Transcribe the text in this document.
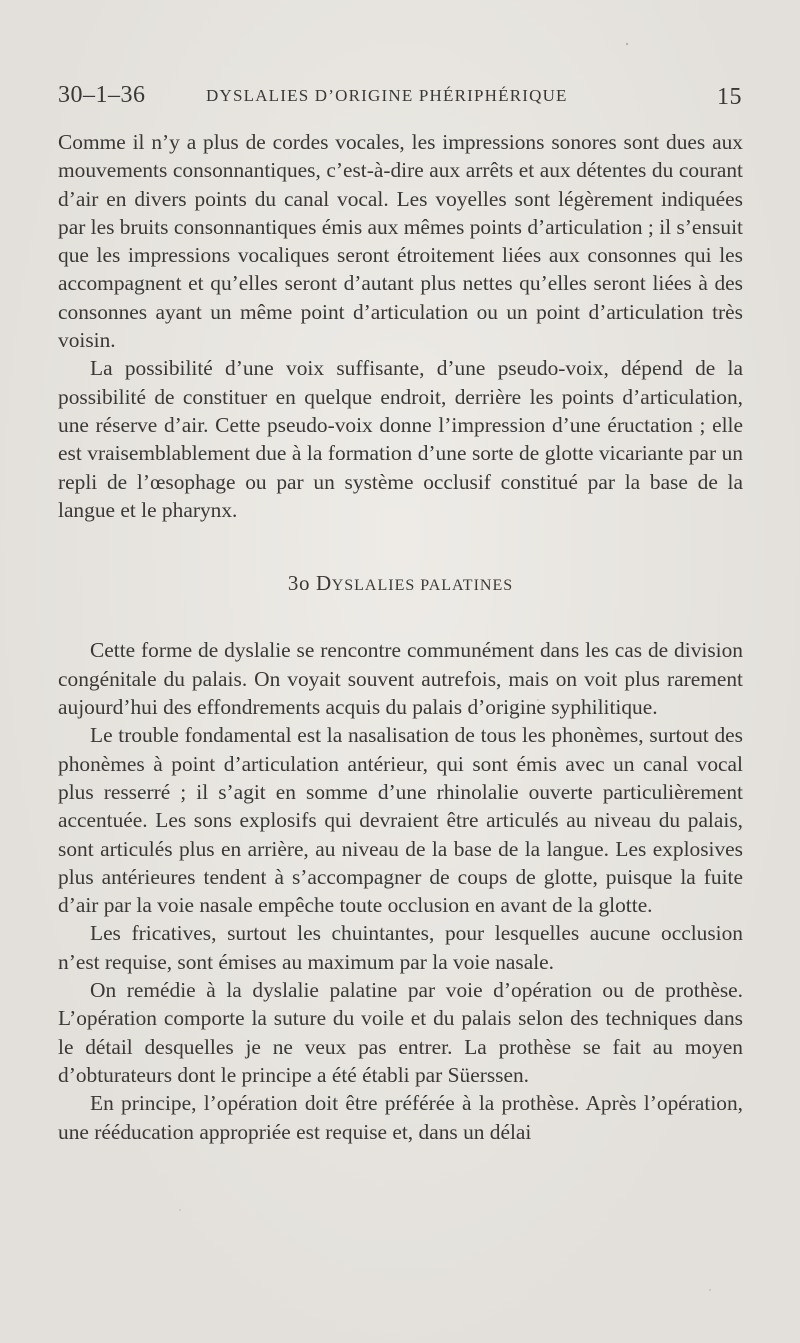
30–1–36	DYSLALIES D’ORIGINE PHÉRIPHÉRIQUE	15

Comme il n’y a plus de cordes vocales, les impressions sonores sont dues aux mouvements consonnantiques, c’est-à-dire aux arrêts et aux détentes du courant d’air en divers points du canal vocal. Les voyelles sont légèrement indiquées par les bruits consonnantiques émis aux mêmes points d’articulation ; il s’ensuit que les impressions vocaliques seront étroitement liées aux consonnes qui les accompagnent et qu’elles seront d’autant plus nettes qu’elles seront liées à des consonnes ayant un même point d’articulation ou un point d’articulation très voisin.

La possibilité d’une voix suffisante, d’une pseudo-voix, dépend de la possibilité de constituer en quelque endroit, derrière les points d’articulation, une réserve d’air. Cette pseudo-voix donne l’impression d’une éructation ; elle est vraisemblablement due à la formation d’une sorte de glotte vicariante par un repli de l’œsophage ou par un système occlusif constitué par la base de la langue et le pharynx.

3o DYSLALIES PALATINES

Cette forme de dyslalie se rencontre communément dans les cas de division congénitale du palais. On voyait souvent autrefois, mais on voit plus rarement aujourd’hui des effondrements acquis du palais d’origine syphilitique.

Le trouble fondamental est la nasalisation de tous les phonèmes, surtout des phonèmes à point d’articulation antérieur, qui sont émis avec un canal vocal plus resserré ; il s’agit en somme d’une rhinolalie ouverte particulièrement accentuée. Les sons explosifs qui devraient être articulés au niveau du palais, sont articulés plus en arrière, au niveau de la base de la langue. Les explosives plus antérieures tendent à s’accompagner de coups de glotte, puisque la fuite d’air par la voie nasale empêche toute occlusion en avant de la glotte.

Les fricatives, surtout les chuintantes, pour lesquelles aucune occlusion n’est requise, sont émises au maximum par la voie nasale.

On remédie à la dyslalie palatine par voie d’opération ou de prothèse. L’opération comporte la suture du voile et du palais selon des techniques dans le détail desquelles je ne veux pas entrer. La prothèse se fait au moyen d’obturateurs dont le principe a été établi par Süerssen.

En principe, l’opération doit être préférée à la prothèse. Après l’opération, une rééducation appropriée est requise et, dans un délai
